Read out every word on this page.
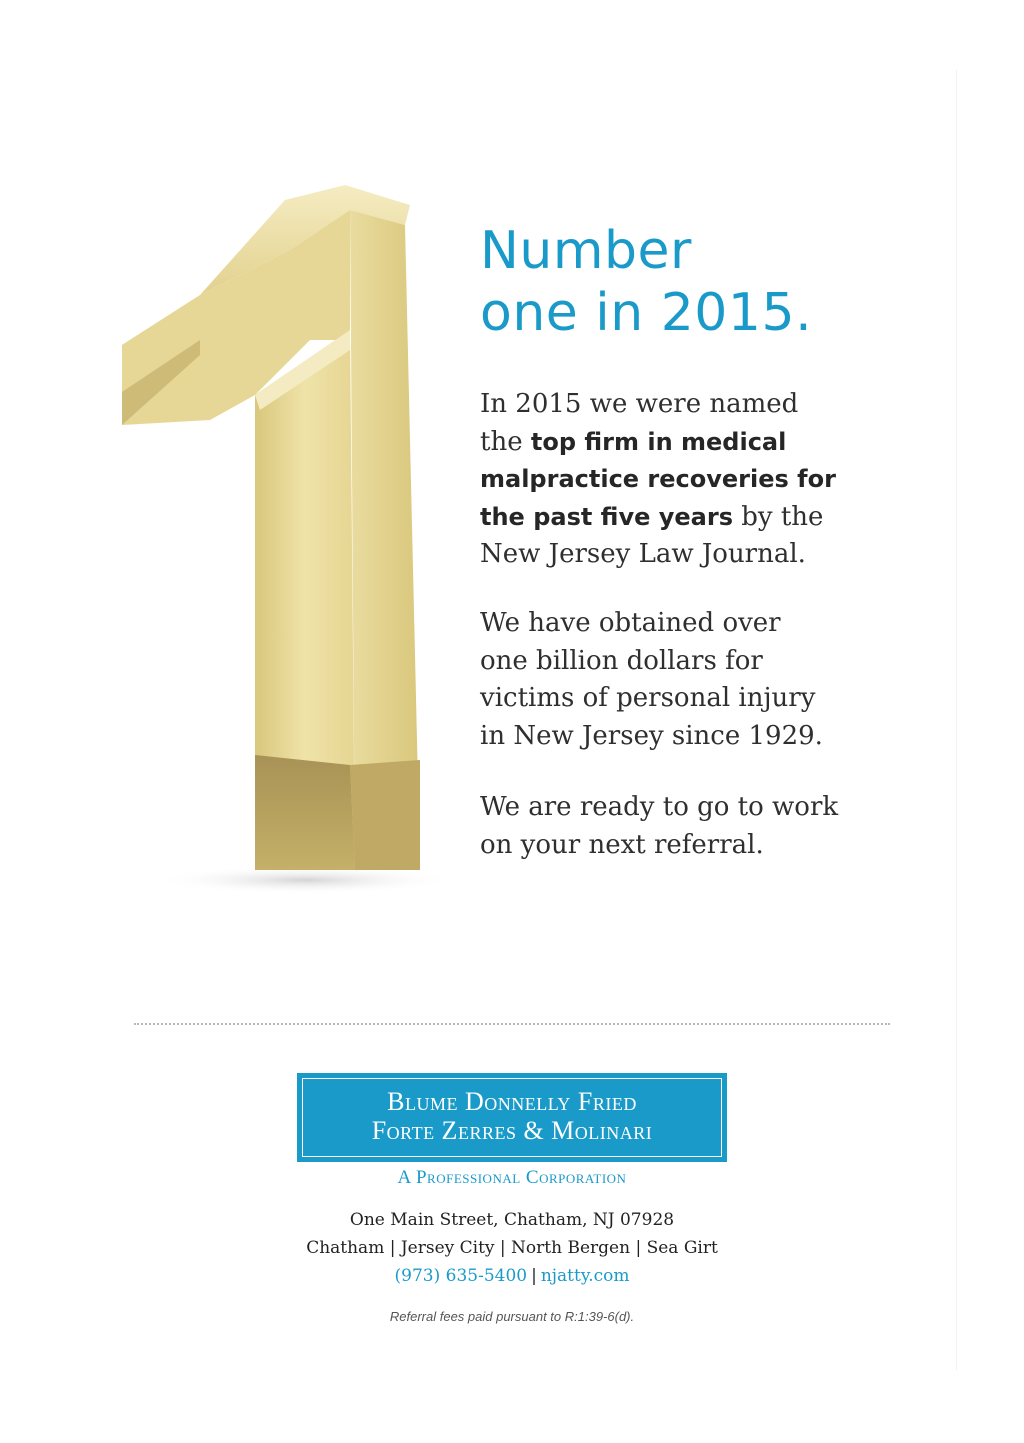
Number
one in 2015.

In 2015 we were named
the top firm in medical
malpractice recoveries for
the past five years by the
New Jersey Law Journal.

We have obtained over
one billion dollars for
victims of personal injury
in New Jersey since 1929.

We are ready to go to work
on your next referral.

Blume Donnelly Fried
Forte Zerres & Molinari
A Professional Corporation
One Main Street, Chatham, NJ 07928
Chatham | Jersey City | North Bergen | Sea Girt
(973) 635-5400 | njatty.com
Referral fees paid pursuant to R:1:39-6(d).
